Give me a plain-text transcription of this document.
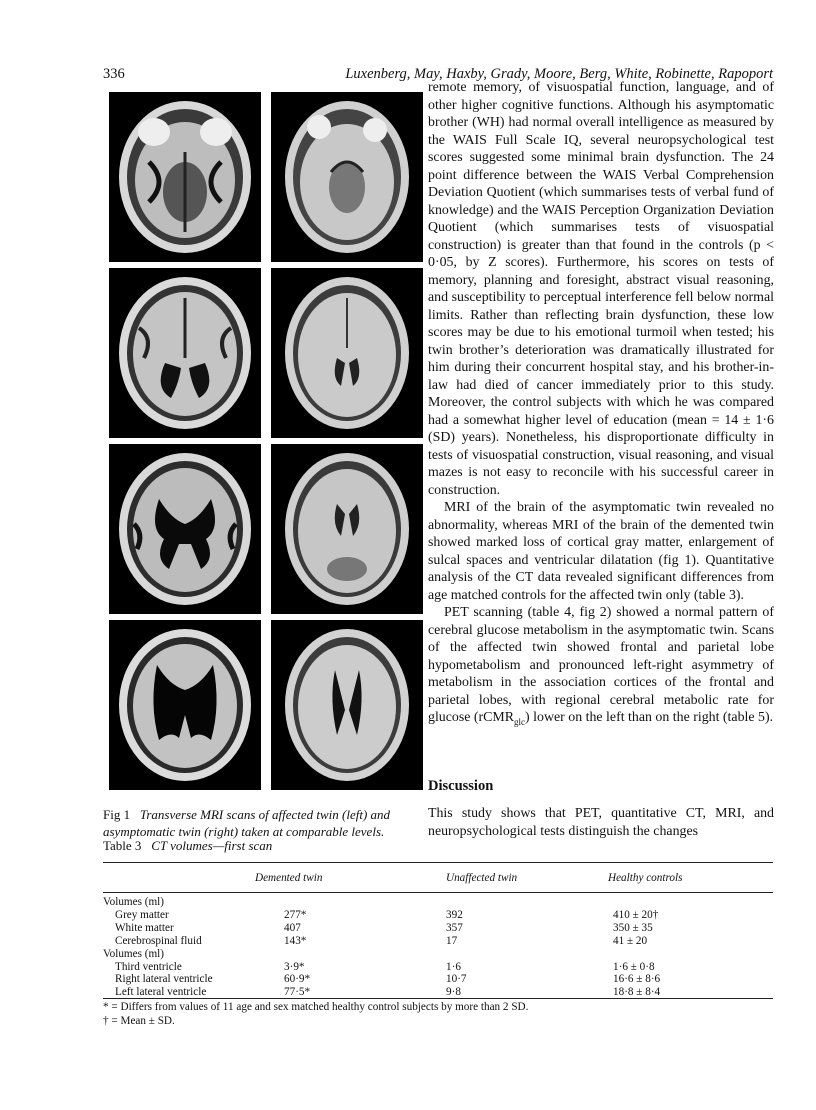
336	Luxenberg, May, Haxby, Grady, Moore, Berg, White, Robinette, Rapoport
Fig 1 Transverse MRI scans of affected twin (left) and asymptomatic twin (right) taken at comparable levels.

remote memory, of visuospatial function, language, and of other higher cognitive functions. Although his asymptomatic brother (WH) had normal overall intelligence as measured by the WAIS Full Scale IQ, several neuropsychological test scores suggested some minimal brain dysfunction. The 24 point difference between the WAIS Verbal Comprehension Deviation Quotient (which summarises tests of verbal fund of knowledge) and the WAIS Perception Organization Deviation Quotient (which summarises tests of visuospatial construction) is greater than that found in the controls (p < 0·05, by Z scores). Furthermore, his scores on tests of memory, planning and foresight, abstract visual reasoning, and susceptibility to perceptual interference fell below normal limits. Rather than reflecting brain dysfunction, these low scores may be due to his emotional turmoil when tested; his twin brother’s deterioration was dramatically illustrated for him during their concurrent hospital stay, and his brother-in-law had died of cancer immediately prior to this study. Moreover, the control subjects with which he was compared had a somewhat higher level of education (mean = 14 ± 1·6 (SD) years). Nonetheless, his disproportionate difficulty in tests of visuospatial construction, visual reasoning, and visual mazes is not easy to reconcile with his successful career in construction.

MRI of the brain of the asymptomatic twin revealed no abnormality, whereas MRI of the brain of the demented twin showed marked loss of cortical gray matter, enlargement of sulcal spaces and ventricular dilatation (fig 1). Quantitative analysis of the CT data revealed significant differences from age matched controls for the affected twin only (table 3).

PET scanning (table 4, fig 2) showed a normal pattern of cerebral glucose metabolism in the asymptomatic twin. Scans of the affected twin showed frontal and parietal lobe hypometabolism and pronounced left-right asymmetry of metabolism in the association cortices of the frontal and parietal lobes, with regional cerebral metabolic rate for glucose (rCMR$_{glc}$) lower on the left than on the right (table 5).

Discussion
This study shows that PET, quantitative CT, MRI, and neuropsychological tests distinguish the changes
Table 3 CT volumes—first scan
Demented twin	Unaffected twin	Healthy controls
Volumes (ml)
Grey matter	277*	392	410 ± 20†
White matter	407	357	350 ± 35
Cerebrospinal fluid	143*	17	41 ± 20
Volumes (ml)
Third ventricle	3·9*	1·6	1·6 ± 0·8
Right lateral ventricle	60·9*	10·7	16·6 ± 8·6
Left lateral ventricle	77·5*	9·8	18·8 ± 8·4
* = Differs from values of 11 age and sex matched healthy control subjects by more than 2 SD.
† = Mean ± SD.
